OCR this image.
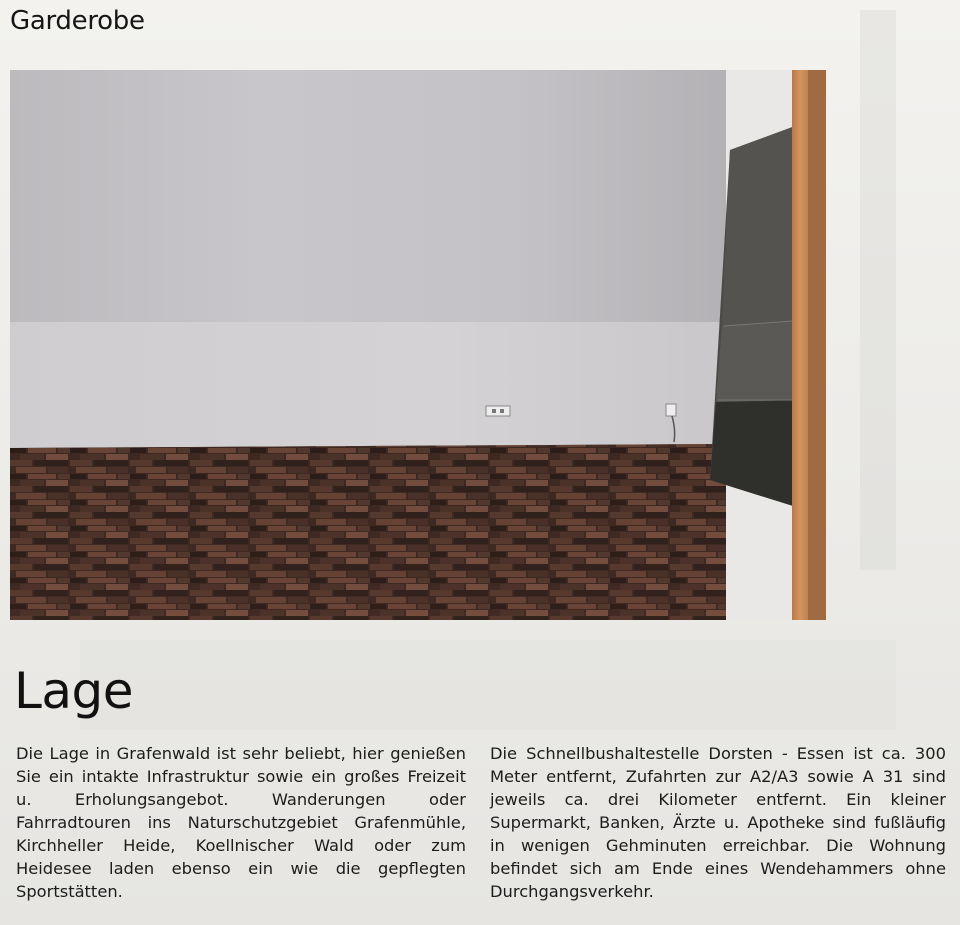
Garderobe
Lage

Die Lage in Grafenwald ist sehr beliebt, hier genießen Sie ein intakte Infrastruktur sowie ein großes Freizeit u. Erholungsangebot. Wanderungen oder Fahrradtouren ins Naturschutzgebiet Grafenmühle, Kirchheller Heide, Koellnischer Wald oder zum Heidesee laden ebenso ein wie die gepflegten Sportstätten.

Die Schnellbushaltestelle Dorsten - Essen ist ca. 300 Meter entfernt, Zufahrten zur A2/A3 sowie A 31 sind jeweils ca. drei Kilometer entfernt. Ein kleiner Supermarkt, Banken, Ärzte u. Apotheke sind fußläufig in wenigen Gehminuten erreichbar. Die Wohnung befindet sich am Ende eines Wendehammers ohne Durchgangsverkehr.
